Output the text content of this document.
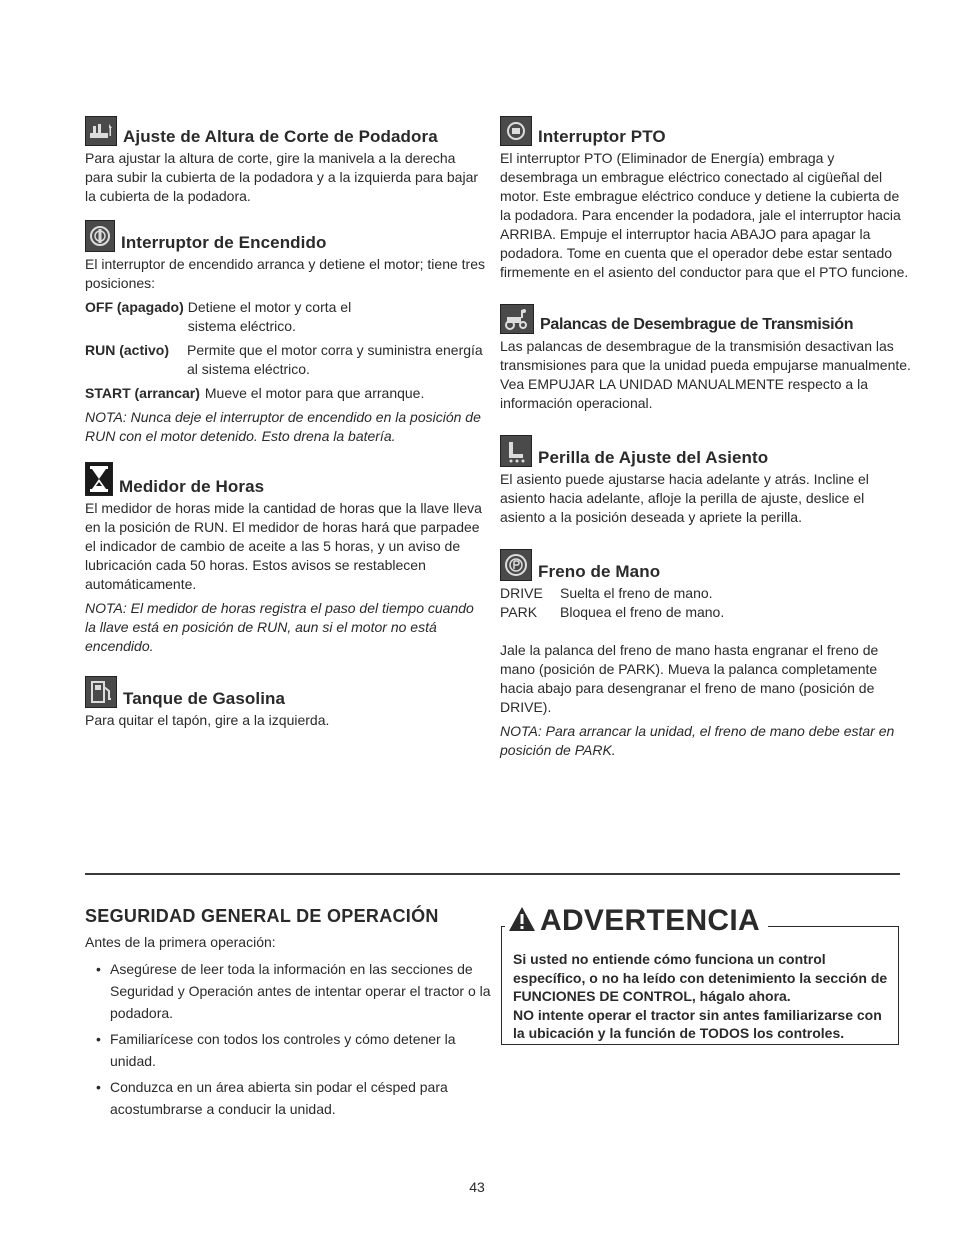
Ajuste de Altura de Corte de Podadora

Para ajustar la altura de corte, gire la manivela a la derecha para subir la cubierta de la podadora y a la izquierda para bajar la cubierta de la podadora.

Interruptor de Encendido

El interruptor de encendido arranca y detiene el motor; tiene tres posiciones:

OFF (apagado) Detiene el motor y corta el sistema eléctrico.
RUN (activo)	Permite que el motor corra y suministra energía al sistema eléctrico.
START (arrancar) Mueve el motor para que arranque.

NOTA: Nunca deje el interruptor de encendido en la posición de RUN con el motor detenido. Esto drena la batería.

Medidor de Horas

El medidor de horas mide la cantidad de horas que la llave lleva en la posición de RUN. El medidor de horas hará que parpadee el indicador de cambio de aceite a las 5 horas, y un aviso de lubricación cada 50 horas. Estos avisos se restablecen automáticamente.

NOTA: El medidor de horas registra el paso del tiempo cuando la llave está en posición de RUN, aun si el motor no está encendido.

Tanque de Gasolina

Para quitar el tapón, gire a la izquierda.

Interruptor PTO

El interruptor PTO (Eliminador de Energía) embraga y desembraga un embrague eléctrico conectado al cigüeñal del motor. Este embrague eléctrico conduce y detiene la cubierta de la podadora. Para encender la podadora, jale el interruptor hacia ARRIBA. Empuje el interruptor hacia ABAJO para apagar la podadora. Tome en cuenta que el operador debe estar sentado firmemente en el asiento del conductor para que el PTO funcione.

Palancas de Desembrague de Transmisión

Las palancas de desembrague de la transmisión desactivan las transmisiones para que la unidad pueda empujarse manualmente. Vea EMPUJAR LA UNIDAD MANUALMENTE respecto a la información operacional.

Perilla de Ajuste del Asiento

El asiento puede ajustarse hacia adelante y atrás. Incline el asiento hacia adelante, afloje la perilla de ajuste, deslice el asiento a la posición deseada y apriete la perilla.

Freno de Mano
DRIVE	Suelta el freno de mano.
PARK	Bloquea el freno de mano.

Jale la palanca del freno de mano hasta engranar el freno de mano (posición de PARK). Mueva la palanca completamente hacia abajo para desengranar el freno de mano (posición de DRIVE).

NOTA: Para arrancar la unidad, el freno de mano debe estar en posición de PARK.

SEGURIDAD GENERAL DE OPERACIÓN

Antes de la primera operación:

• Asegúrese de leer toda la información en las secciones de Seguridad y Operación antes de intentar operar el tractor o la podadora.
• Familiarícese con todos los controles y cómo detener la unidad.
• Conduzca en un área abierta sin podar el césped para acostumbrarse a conducir la unidad.
ADVERTENCIA
Si usted no entiende cómo funciona un control específico, o no ha leído con detenimiento la sección de FUNCIONES DE CONTROL, hágalo ahora.
NO intente operar el tractor sin antes familiarizarse con la ubicación y la función de TODOS los controles.
43
